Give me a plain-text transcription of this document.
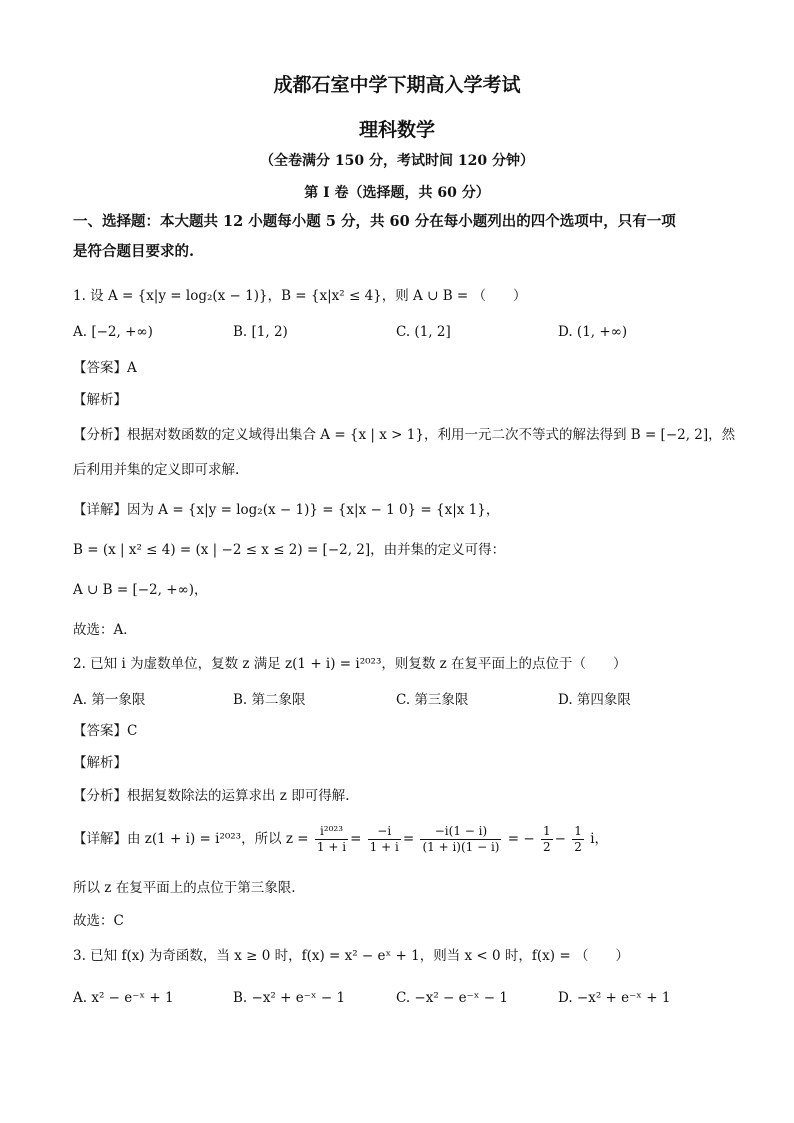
成都石室中学下期高入学考试
理科数学
（全卷满分 150 分，考试时间 120 分钟）
第 I 卷（选择题，共 60 分）
一、选择题：本大题共 12 小题每小题 5 分，共 60 分在每小题列出的四个选项中，只有一项
是符合题目要求的.
1. 设 A = {x|y = log₂(x − 1)}，B = {x|x² ≤ 4}，则 A ∪ B = （　　）
A. [−2, +∞)	B. [1, 2)	C. (1, 2]	D. (1, +∞)
【答案】A
【解析】
【分析】根据对数函数的定义域得出集合 A = {x | x > 1}，利用一元二次不等式的解法得到 B = [−2, 2]，然
后利用并集的定义即可求解.
【详解】因为 A = {x|y = log₂(x − 1)} = {x|x − 1 0} = {x|x 1}，
B = (x | x² ≤ 4) = (x | −2 ≤ x ≤ 2) = [−2, 2]，由并集的定义可得：
A ∪ B = [−2, +∞)，
故选：A．
2. 已知 i 为虚数单位，复数 z 满足 z(1 + i) = i²⁰²³，则复数 z 在复平面上的点位于（　　）
A. 第一象限	B. 第二象限	C. 第三象限	D. 第四象限
【答案】C
【解析】
【分析】根据复数除法的运算求出 z 即可得解.
【详解】由 z(1 + i) = i²⁰²³，所以 $z = \frac{\text{i²⁰²³}}{1 + i} = \frac{-i}{1 + i} = \frac{-i(1 - i)}{(1 + i)(1 - i)}$ = − $\frac{1}{2} - \frac{1}{2}$ i，
所以 z 在复平面上的点位于第三象限.
故选：C
3. 已知 f(x) 为奇函数，当 x ≥ 0 时，f(x) = x² − eˣ + 1，则当 x < 0 时，f(x) = （　　）
A. x² − e⁻ˣ + 1	B. −x² + e⁻ˣ − 1	C. −x² − e⁻ˣ − 1	D. −x² + e⁻ˣ + 1
